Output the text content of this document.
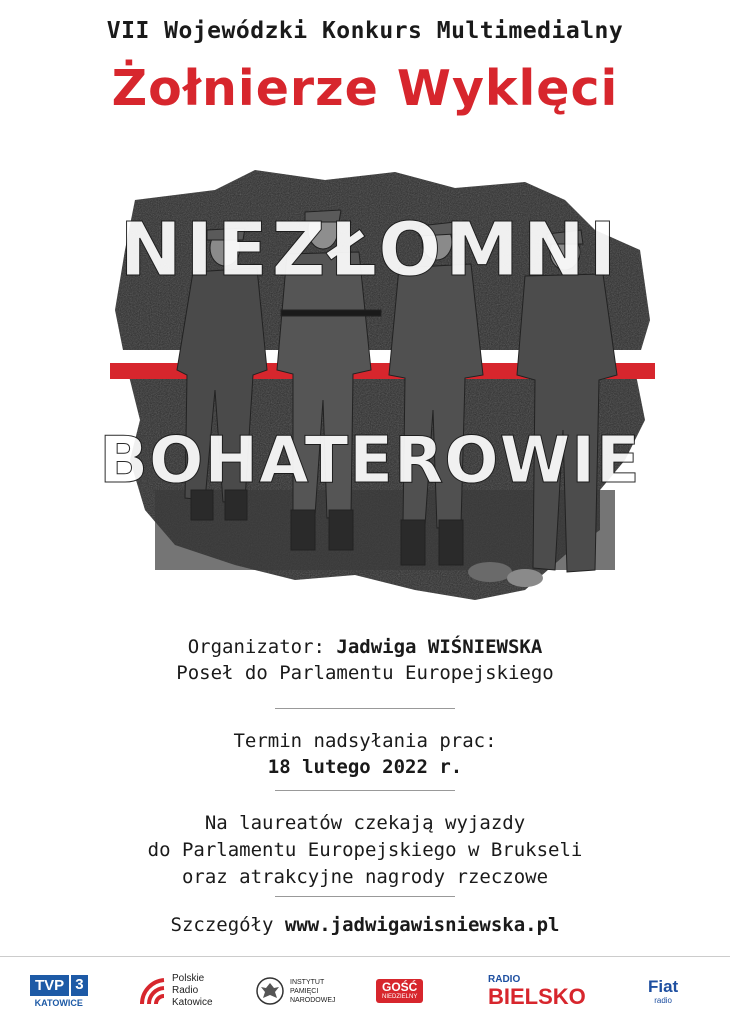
VII Wojewódzki Konkurs Multimedialny
Żołnierze Wyklęci
NIEZŁOMNI
BOHATEROWIE
Organizator: Jadwiga WIŚNIEWSKA
Poseł do Parlamentu Europejskiego
Termin nadsyłania prac:
18 lutego 2022 r.
Na laureatów czekają wyjazdy
do Parlamentu Europejskiego w Brukseli
oraz atrakcyjne nagrody rzeczowe
Szczegóły www.jadwigawisniewska.pl
TVP 3
KATOWICE
Polskie
Radio
Katowice
INSTYTUT
PAMIĘCI
NARODOWEJ
GOŚĆ
NIEDZIELNY
RADIO
BIELSKO	Fiat
radio
